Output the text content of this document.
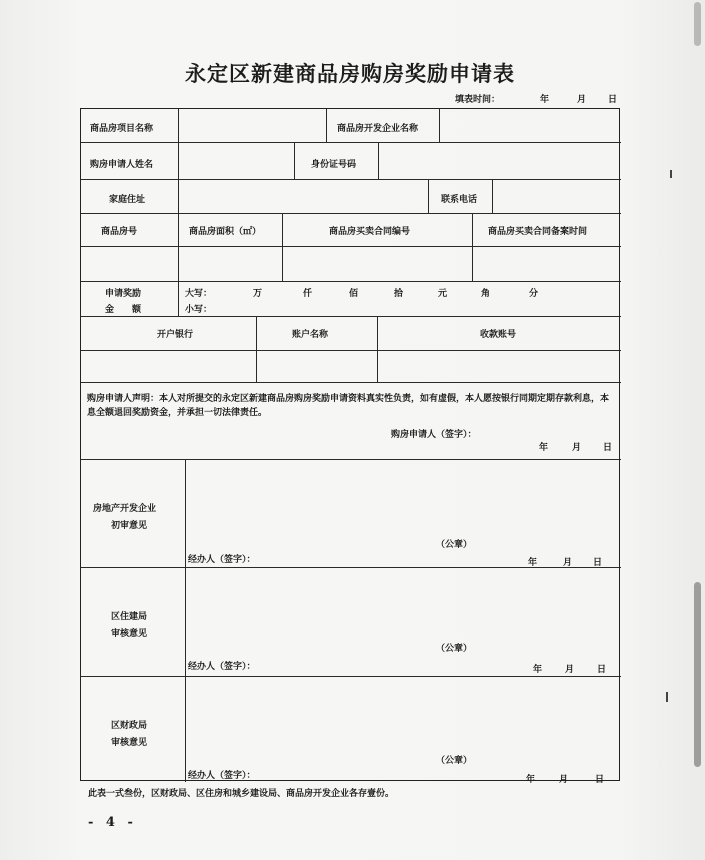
永定区新建商品房购房奖励申请表
填表时间：	年	月 日
商品房项目名称	商品房开发企业名称
购房申请人姓名	身份证号码
家庭住址	联系电话
商品房号	商品房面积（㎡）	商品房买卖合同编号	商品房买卖合同备案时间
申请奖励
金　　额
大写：	万	仟	佰	拾	元	角	分
小写：
开户银行	账户名称	收款账号
购房申请人声明：本人对所提交的永定区新建商品房购房奖励申请资料真实性负责，如有虚假，本人愿按银行同期定期存款利息，本息全额退回奖励资金，并承担一切法律责任。
购房申请人（签字）：
年	月 日
房地产开发企业
初审意见
（公章）
经办人（签字）：	年	月 日
区住建局
审核意见
（公章）
经办人（签字）：	年	月	日
区财政局
审核意见
（公章）
经办人（签字）：	年	月	日
此表一式叁份，区财政局、区住房和城乡建设局、商品房开发企业各存壹份。
- 4 -
